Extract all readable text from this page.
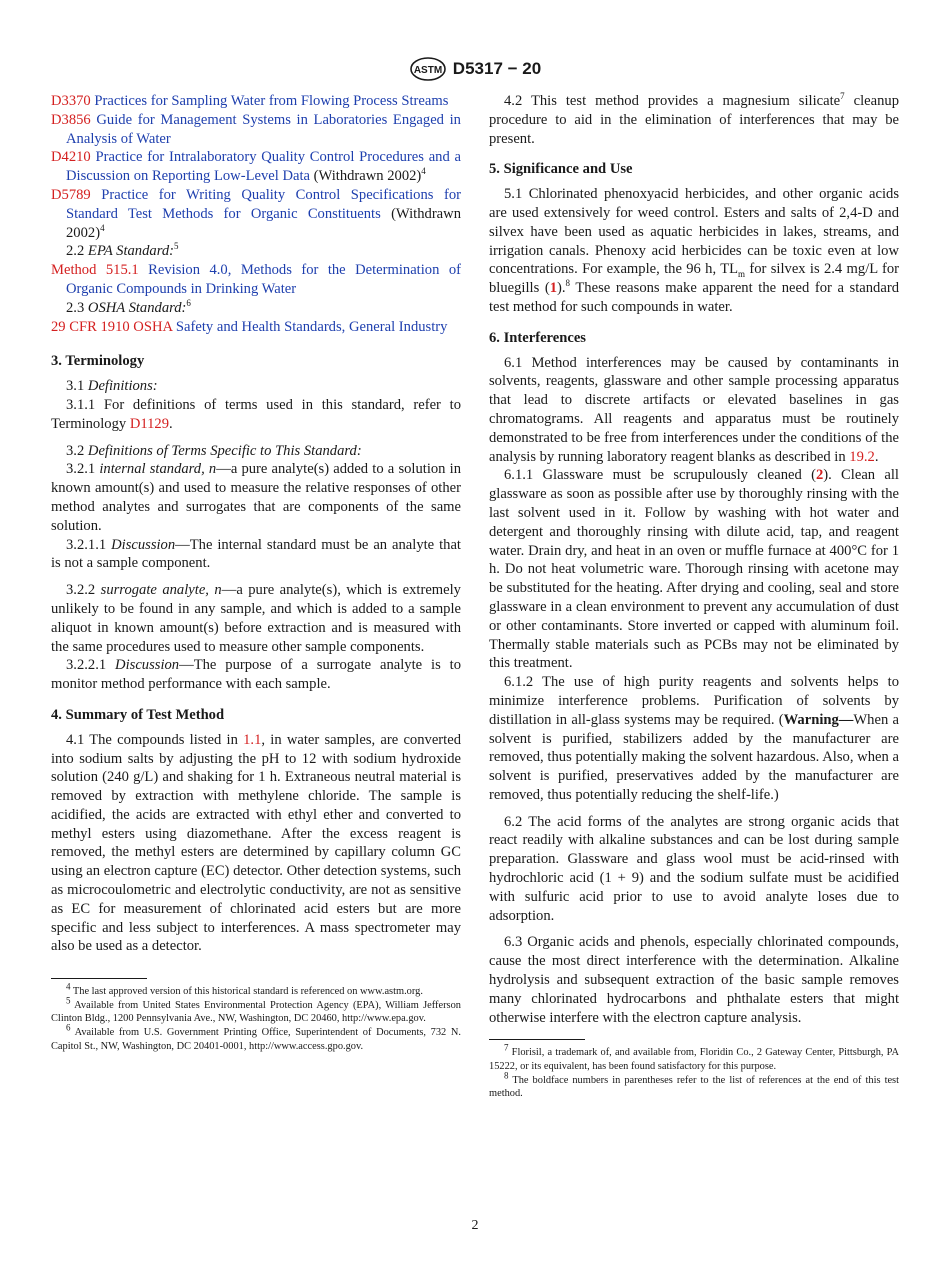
ASTM D5317 − 20

D3370 Practices for Sampling Water from Flowing Process Streams

D3856 Guide for Management Systems in Laboratories Engaged in Analysis of Water

D4210 Practice for Intralaboratory Quality Control Procedures and a Discussion on Reporting Low-Level Data (Withdrawn 2002)$^4$

D5789 Practice for Writing Quality Control Specifications for Standard Test Methods for Organic Constituents (Withdrawn 2002)$^4$

2.2 EPA Standard:$^5$

Method 515.1 Revision 4.0, Methods for the Determination of Organic Compounds in Drinking Water

2.3 OSHA Standard:$^6$

29 CFR 1910 OSHA Safety and Health Standards, General Industry

3. Terminology

3.1 Definitions:

3.1.1 For definitions of terms used in this standard, refer to Terminology D1129.

3.2 Definitions of Terms Specific to This Standard:

3.2.1 internal standard, n—a pure analyte(s) added to a solution in known amount(s) and used to measure the relative responses of other method analytes and surrogates that are components of the same solution.

3.2.1.1 Discussion—The internal standard must be an analyte that is not a sample component.

3.2.2 surrogate analyte, n—a pure analyte(s), which is extremely unlikely to be found in any sample, and which is added to a sample aliquot in known amount(s) before extraction and is measured with the same procedures used to measure other sample components.

3.2.2.1 Discussion—The purpose of a surrogate analyte is to monitor method performance with each sample.

4. Summary of Test Method

4.1 The compounds listed in 1.1, in water samples, are converted into sodium salts by adjusting the pH to 12 with sodium hydroxide solution (240 g/L) and shaking for 1 h. Extraneous neutral material is removed by extraction with methylene chloride. The sample is acidified, the acids are extracted with ethyl ether and converted to methyl esters using diazomethane. After the excess reagent is removed, the methyl esters are determined by capillary column GC using an electron capture (EC) detector. Other detection systems, such as microcoulometric and electrolytic conductivity, are not as sensitive as EC for measurement of chlorinated acid esters but are more specific and less subject to interferences. A mass spectrometer may also be used as a detector.

$^4$ The last approved version of this historical standard is referenced on www.astm.org.

$^5$ Available from United States Environmental Protection Agency (EPA), William Jefferson Clinton Bldg., 1200 Pennsylvania Ave., NW, Washington, DC 20460, http://www.epa.gov.

$^6$ Available from U.S. Government Printing Office, Superintendent of Documents, 732 N. Capitol St., NW, Washington, DC 20401-0001, http://www.access.gpo.gov.

4.2 This test method provides a magnesium silicate$^7$ cleanup procedure to aid in the elimination of interferences that may be present.

5. Significance and Use

5.1 Chlorinated phenoxyacid herbicides, and other organic acids are used extensively for weed control. Esters and salts of 2,4-D and silvex have been used as aquatic herbicides in lakes, streams, and irrigation canals. Phenoxy acid herbicides can be toxic even at low concentrations. For example, the 96 h, $TL_m$ for silvex is 2.4 mg/L for bluegills (1).$^8$ These reasons make apparent the need for a standard test method for such compounds in water.

6. Interferences

6.1 Method interferences may be caused by contaminants in solvents, reagents, glassware and other sample processing apparatus that lead to discrete artifacts or elevated baselines in gas chromatograms. All reagents and apparatus must be routinely demonstrated to be free from interferences under the conditions of the analysis by running laboratory reagent blanks as described in 19.2.

6.1.1 Glassware must be scrupulously cleaned (2). Clean all glassware as soon as possible after use by thoroughly rinsing with the last solvent used in it. Follow by washing with hot water and detergent and thoroughly rinsing with dilute acid, tap, and reagent water. Drain dry, and heat in an oven or muffle furnace at 400°C for 1 h. Do not heat volumetric ware. Thorough rinsing with acetone may be substituted for the heating. After drying and cooling, seal and store glassware in a clean environment to prevent any accumulation of dust or other contaminants. Store inverted or capped with aluminum foil. Thermally stable materials such as PCBs may not be eliminated by this treatment.

6.1.2 The use of high purity reagents and solvents helps to minimize interference problems. Purification of solvents by distillation in all-glass systems may be required. (Warning—When a solvent is purified, stabilizers added by the manufacturer are removed, thus potentially making the solvent hazardous. Also, when a solvent is purified, preservatives added by the manufacturer are removed, thus potentially reducing the shelf-life.)

6.2 The acid forms of the analytes are strong organic acids that react readily with alkaline substances and can be lost during sample preparation. Glassware and glass wool must be acid-rinsed with hydrochloric acid (1 + 9) and the sodium sulfate must be acidified with sulfuric acid prior to use to avoid analyte loses due to adsorption.

6.3 Organic acids and phenols, especially chlorinated compounds, cause the most direct interference with the determination. Alkaline hydrolysis and subsequent extraction of the basic sample removes many chlorinated hydrocarbons and phthalate esters that might otherwise interfere with the electron capture analysis.

$^7$ Florisil, a trademark of, and available from, Floridin Co., 2 Gateway Center, Pittsburgh, PA 15222, or its equivalent, has been found satisfactory for this purpose.

$^8$ The boldface numbers in parentheses refer to the list of references at the end of this test method.

2
